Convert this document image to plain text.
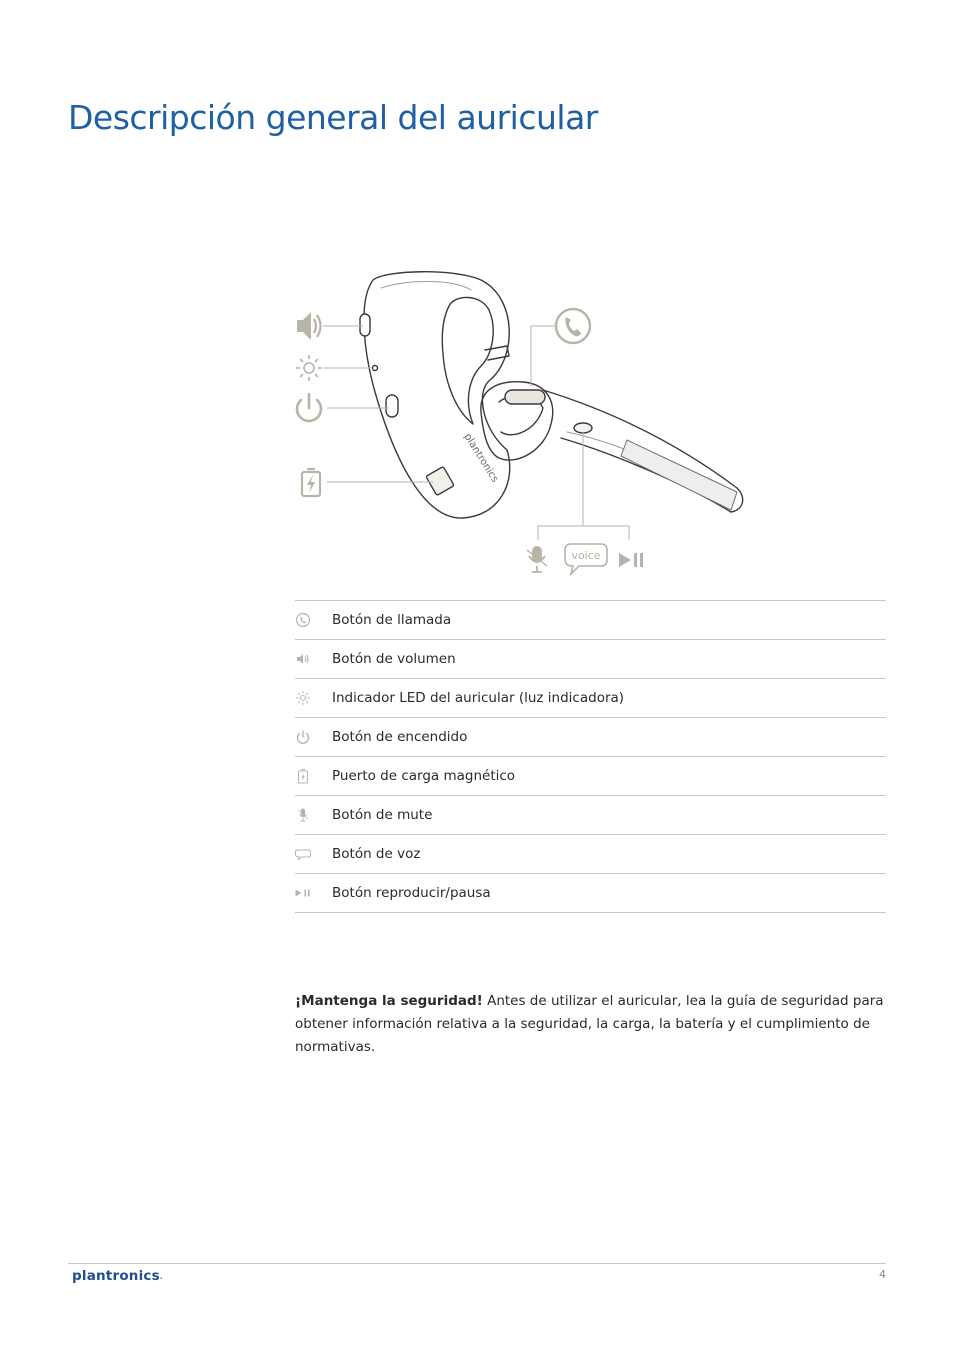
Descripción general del auricular
plantronics
voice
Botón de llamada
Botón de volumen
Indicador LED del auricular (luz indicadora)
Botón de encendido
Puerto de carga magnético
Botón de mute
Botón de voz
Botón reproducir/pausa

¡Mantenga la seguridad! Antes de utilizar el auricular, lea la guía de seguridad para obtener información relativa a la seguridad, la carga, la batería y el cumplimiento de normativas.

plantronics.	4
